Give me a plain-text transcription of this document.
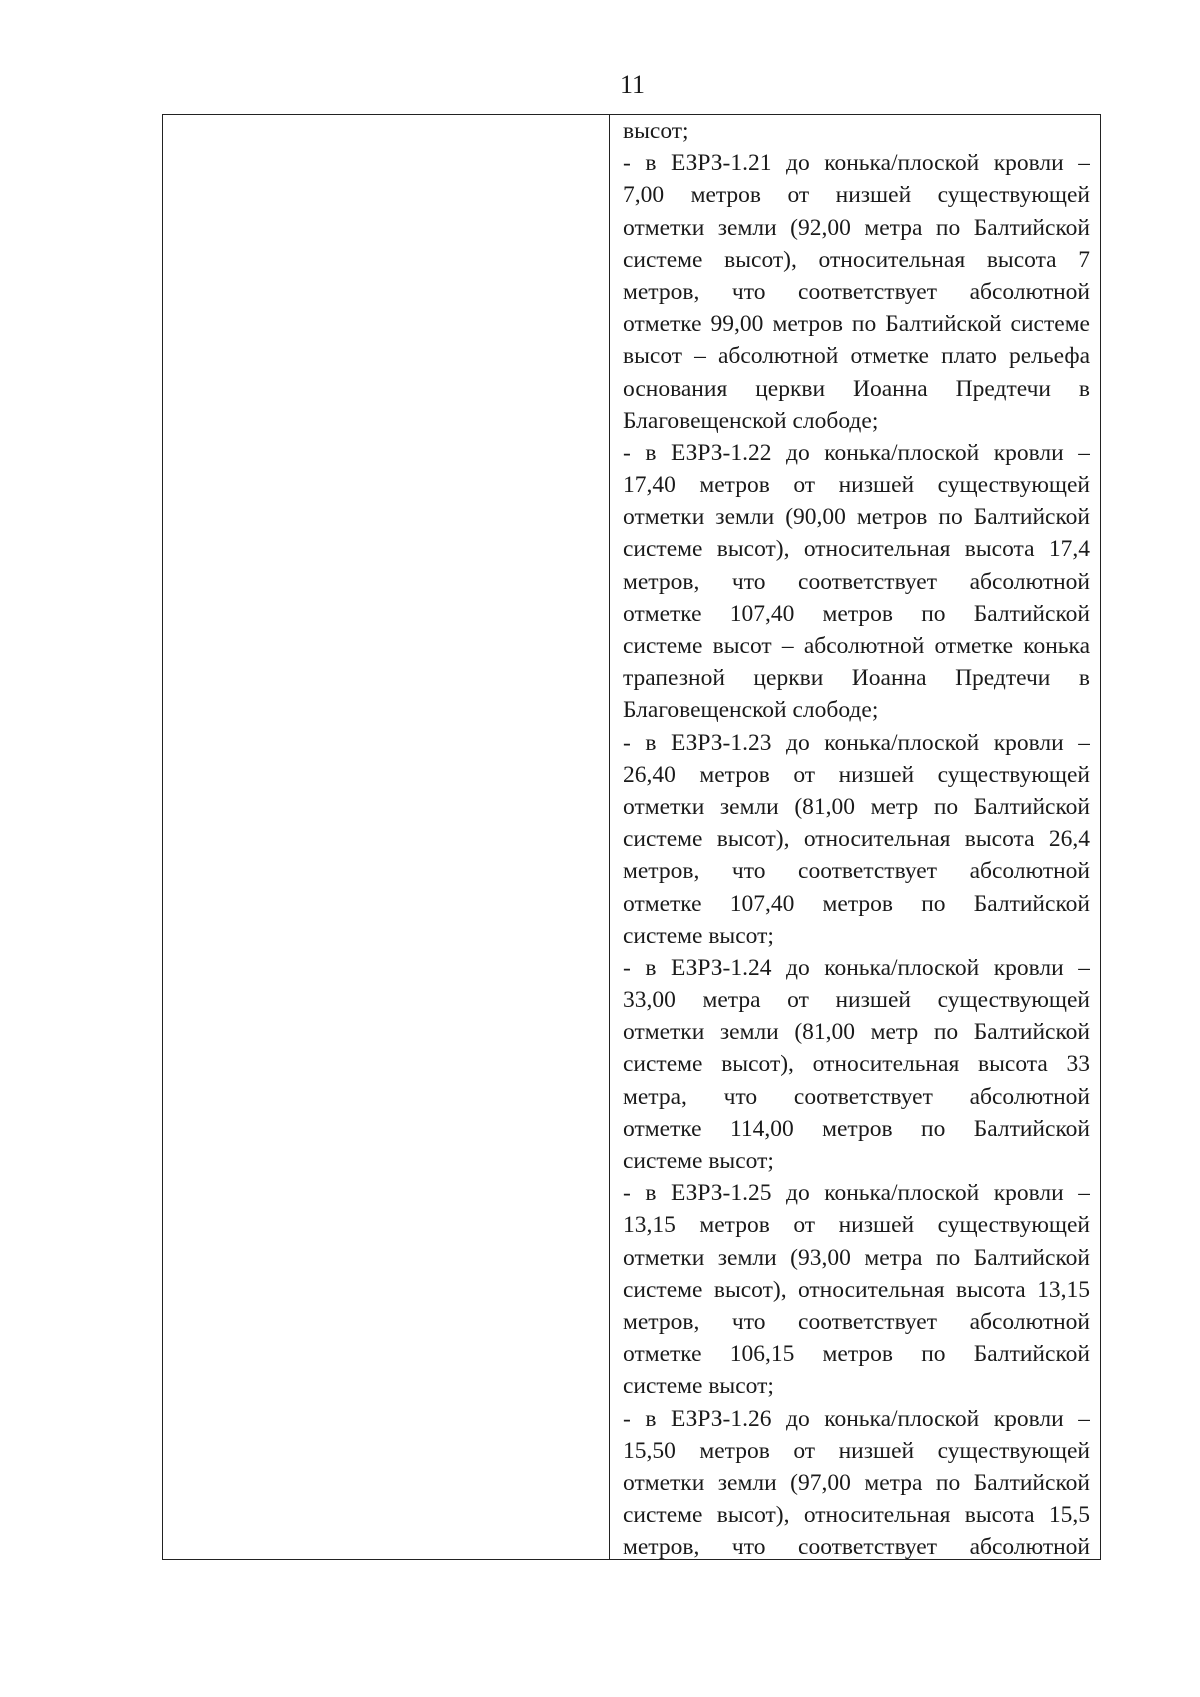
11
высот;
- в ЕЗРЗ-1.21 до конька/плоской кровли –
7,00 метров от низшей существующей
отметки земли (92,00 метра по Балтийской
системе высот), относительная высота 7
метров, что соответствует абсолютной
отметке 99,00 метров по Балтийской системе
высот – абсолютной отметке плато рельефа
основания церкви Иоанна Предтечи в
Благовещенской слободе;
- в ЕЗРЗ-1.22 до конька/плоской кровли –
17,40 метров от низшей существующей
отметки земли (90,00 метров по Балтийской
системе высот), относительная высота 17,4
метров, что соответствует абсолютной
отметке 107,40 метров по Балтийской
системе высот – абсолютной отметке конька
трапезной церкви Иоанна Предтечи в
Благовещенской слободе;
- в ЕЗРЗ-1.23 до конька/плоской кровли –
26,40 метров от низшей существующей
отметки земли (81,00 метр по Балтийской
системе высот), относительная высота 26,4
метров, что соответствует абсолютной
отметке 107,40 метров по Балтийской
системе высот;
- в ЕЗРЗ-1.24 до конька/плоской кровли –
33,00 метра от низшей существующей
отметки земли (81,00 метр по Балтийской
системе высот), относительная высота 33
метра, что соответствует абсолютной
отметке 114,00 метров по Балтийской
системе высот;
- в ЕЗРЗ-1.25 до конька/плоской кровли –
13,15 метров от низшей существующей
отметки земли (93,00 метра по Балтийской
системе высот), относительная высота 13,15
метров, что соответствует абсолютной
отметке 106,15 метров по Балтийской
системе высот;
- в ЕЗРЗ-1.26 до конька/плоской кровли –
15,50 метров от низшей существующей
отметки земли (97,00 метра по Балтийской
системе высот), относительная высота 15,5
метров, что соответствует абсолютной
